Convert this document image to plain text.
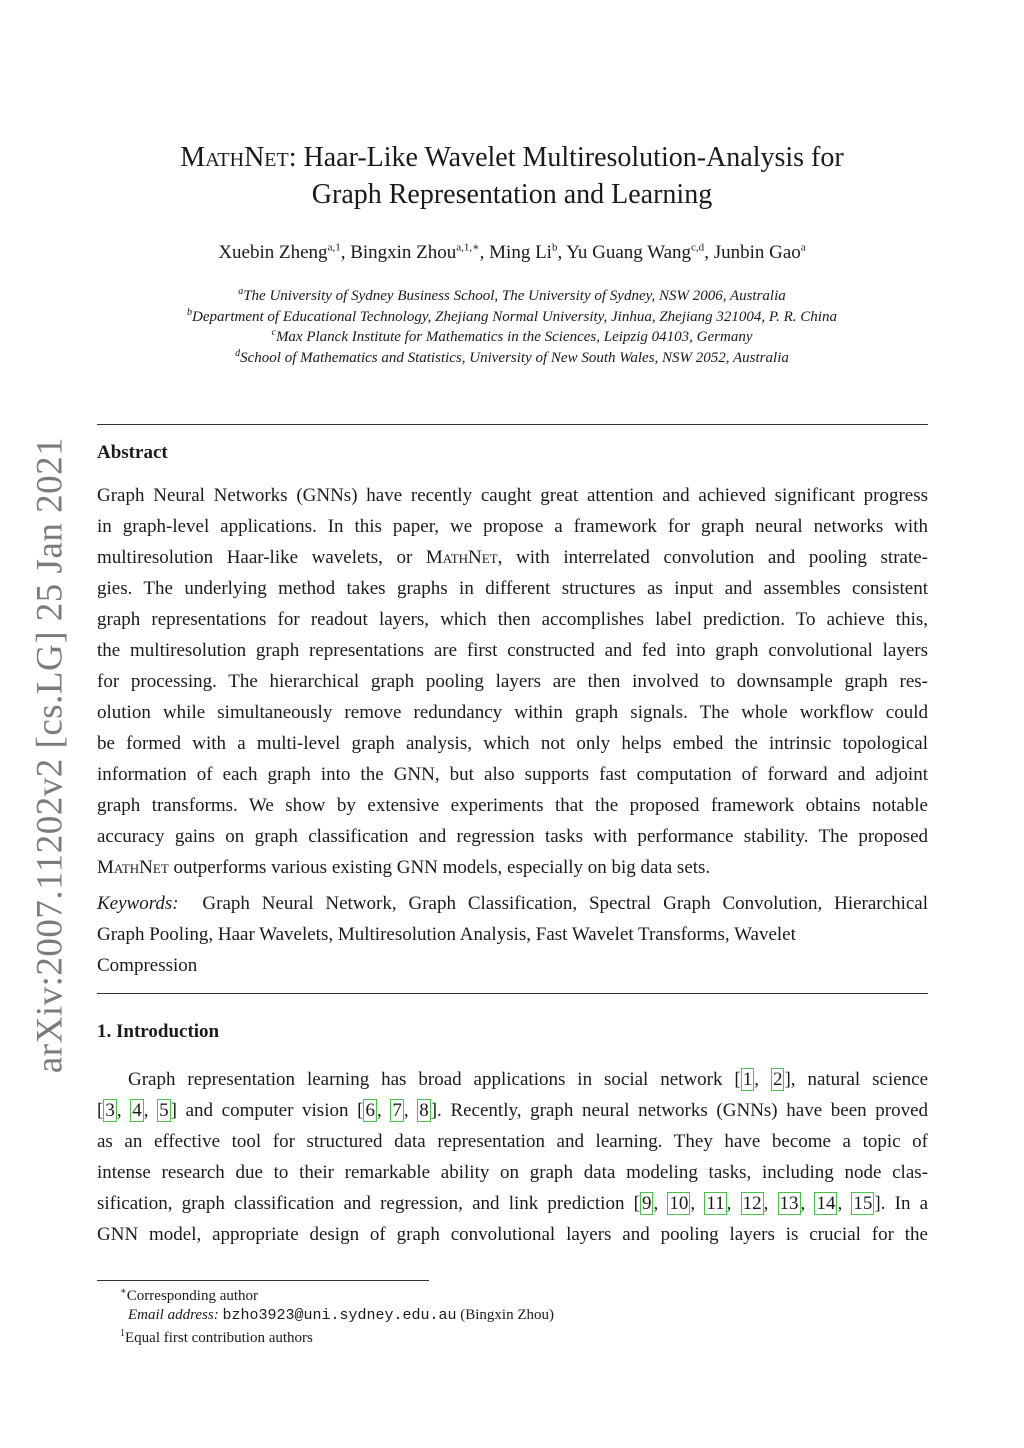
arXiv:2007.11202v2 [cs.LG] 25 Jan 2021
MathNet: Haar-Like Wavelet Multiresolution-Analysis for
Graph Representation and Learning
Xuebin Zheng$^{a,1}$, Bingxin Zhou$^{a,1,∗}$, Ming Li$^b$, Yu Guang Wang$^{c,d}$, Junbin Gao$^a$
$^a$The University of Sydney Business School, The University of Sydney, NSW 2006, Australia
$^b$Department of Educational Technology, Zhejiang Normal University, Jinhua, Zhejiang 321004, P. R. China
$^c$Max Planck Institute for Mathematics in the Sciences, Leipzig 04103, Germany
$^d$School of Mathematics and Statistics, University of New South Wales, NSW 2052, Australia
Abstract
Graph Neural Networks (GNNs) have recently caught great attention and achieved significant progress
in graph-level applications. In this paper, we propose a framework for graph neural networks with
multiresolution Haar-like wavelets, or MathNet, with interrelated convolution and pooling strate-
gies. The underlying method takes graphs in different structures as input and assembles consistent
graph representations for readout layers, which then accomplishes label prediction. To achieve this,
the multiresolution graph representations are first constructed and fed into graph convolutional layers
for processing. The hierarchical graph pooling layers are then involved to downsample graph res-
olution while simultaneously remove redundancy within graph signals. The whole workflow could
be formed with a multi-level graph analysis, which not only helps embed the intrinsic topological
information of each graph into the GNN, but also supports fast computation of forward and adjoint
graph transforms. We show by extensive experiments that the proposed framework obtains notable
accuracy gains on graph classification and regression tasks with performance stability. The proposed
MathNet outperforms various existing GNN models, especially on big data sets.
Keywords: Graph Neural Network, Graph Classification, Spectral Graph Convolution, Hierarchical
Graph Pooling, Haar Wavelets, Multiresolution Analysis, Fast Wavelet Transforms, Wavelet
Compression
1. Introduction
Graph representation learning has broad applications in social network [ 1 , 2 ], natural science
[ 3 , 4 , 5 ] and computer vision [ 6 , 7 , 8 ]. Recently, graph neural networks (GNNs) have been proved
as an effective tool for structured data representation and learning. They have become a topic of
intense research due to their remarkable ability on graph data modeling tasks, including node clas-
sification, graph classification and regression, and link prediction [ 9 , 10 , 11 , 12 , 13 , 14 , 15 ]. In a
GNN model, appropriate design of graph convolutional layers and pooling layers is crucial for the
∗Corresponding author
Email address: bzho3923@uni.sydney.edu.au (Bingxin Zhou)
$^1$Equal first contribution authors
